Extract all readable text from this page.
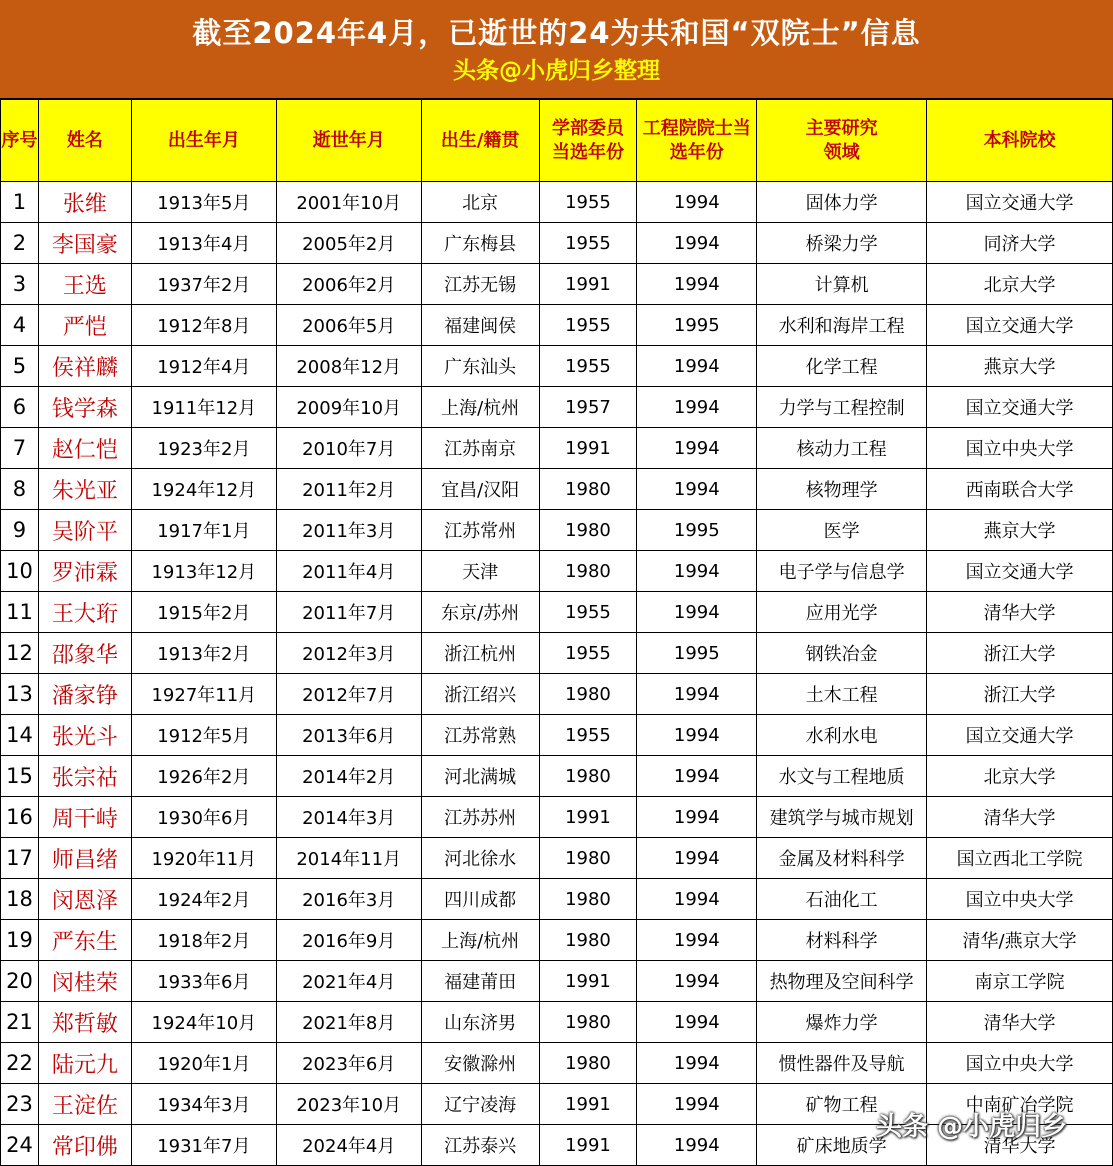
截至2024年4月，已逝世的24为共和国“双院士”信息
头条@小虎归乡整理
序号	姓名	出生年月	逝世年月	出生/籍贯	学部委员当选年份	工程院院士当选年份	主要研究领域	本科院校
1	张维	1913年5月	2001年10月	北京	1955	1994	固体力学	国立交通大学
2	李国豪	1913年4月	2005年2月	广东梅县	1955	1994	桥梁力学	同济大学
3	王选	1937年2月	2006年2月	江苏无锡	1991	1994	计算机	北京大学
4	严恺	1912年8月	2006年5月	福建闽侯	1955	1995	水利和海岸工程	国立交通大学
5	侯祥麟	1912年4月	2008年12月	广东汕头	1955	1994	化学工程	燕京大学
6	钱学森	1911年12月	2009年10月	上海/杭州	1957	1994	力学与工程控制	国立交通大学
7	赵仁恺	1923年2月	2010年7月	江苏南京	1991	1994	核动力工程	国立中央大学
8	朱光亚	1924年12月	2011年2月	宜昌/汉阳	1980	1994	核物理学	西南联合大学
9	吴阶平	1917年1月	2011年3月	江苏常州	1980	1995	医学	燕京大学
10	罗沛霖	1913年12月	2011年4月	天津	1980	1994	电子学与信息学	国立交通大学
11	王大珩	1915年2月	2011年7月	东京/苏州	1955	1994	应用光学	清华大学
12	邵象华	1913年2月	2012年3月	浙江杭州	1955	1995	钢铁冶金	浙江大学
13	潘家铮	1927年11月	2012年7月	浙江绍兴	1980	1994	土木工程	浙江大学
14	张光斗	1912年5月	2013年6月	江苏常熟	1955	1994	水利水电	国立交通大学
15	张宗祜	1926年2月	2014年2月	河北满城	1980	1994	水文与工程地质	北京大学
16	周干峙	1930年6月	2014年3月	江苏苏州	1991	1994	建筑学与城市规划	清华大学
17	师昌绪	1920年11月	2014年11月	河北徐水	1980	1994	金属及材料科学	国立西北工学院
18	闵恩泽	1924年2月	2016年3月	四川成都	1980	1994	石油化工	国立中央大学
19	严东生	1918年2月	2016年9月	上海/杭州	1980	1994	材料科学	清华/燕京大学
20	闵桂荣	1933年6月	2021年4月	福建莆田	1991	1994	热物理及空间科学	南京工学院
21	郑哲敏	1924年10月	2021年8月	山东济男	1980	1994	爆炸力学	清华大学
22	陆元九	1920年1月	2023年6月	安徽滁州	1980	1994	惯性器件及导航	国立中央大学
23	王淀佐	1934年3月	2023年10月	辽宁凌海	1991	1994	矿物工程	中南矿冶学院
24	常印佛	1931年7月	2024年4月	江苏泰兴	1991	1994	矿床地质学	清华大学
头条 @小虎归乡
